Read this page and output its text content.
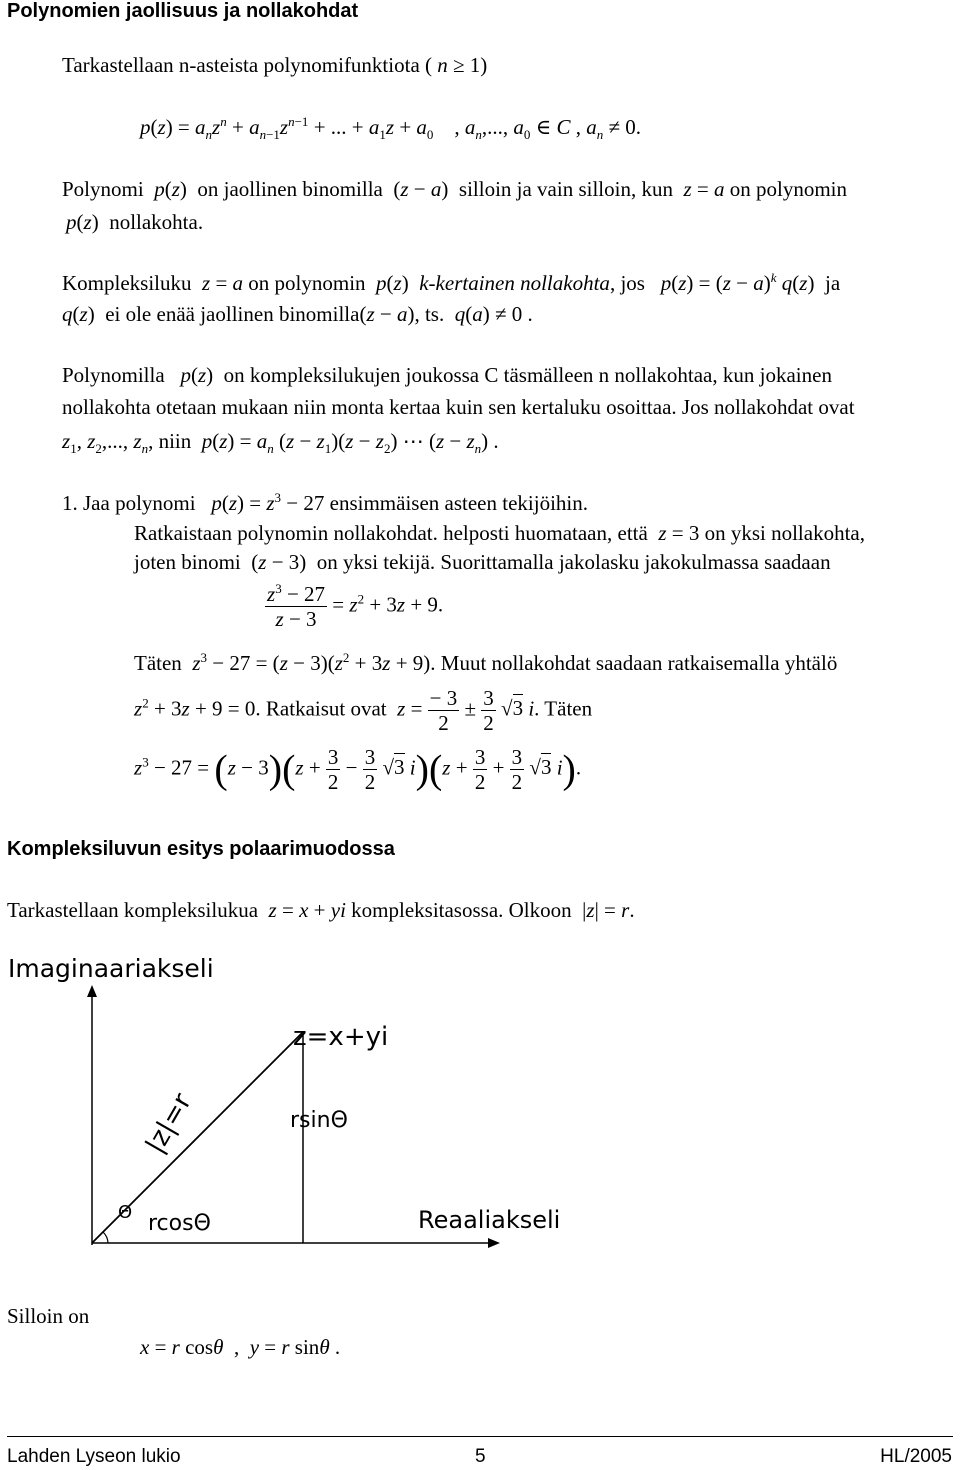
Polynomien jaollisuus ja nollakohdat
Tarkastellaan n-asteista polynomifunktiota ( n ≥ 1)
$p(z) = a_nz^n + a_{n-1}z^{n-1}$ + ... + $a_1z + a_0$    , $a_n$,..., $a_0$ ∈ C , $a_n \ne 0$.
Polynomi p(z)  on jaollinen binomilla  (z − a)  silloin ja vain silloin, kun z = a on polynomin
p(z)  nollakohta.
Kompleksiluku z = a on polynomin p(z)  k-kertainen nollakohta, jos $p(z) = (z - a)^k$ q(z)  ja
q(z)  ei ole enää jaollinen binomilla(z − a), ts. q(a) ≠ 0 .
Polynomilla p(z)  on kompleksilukujen joukossa C täsmälleen n nollakohtaa, kun jokainen
nollakohta otetaan mukaan niin monta kertaa kuin sen kertaluku osoittaa. Jos nollakohdat ovat
$z_1$, $z_2$,..., $z_n$, niin $p(z) = a_n$ $(z - z_1)(z - z_2)$ ⋯ $(z - z_n)$ .
1. Jaa polynomi $p(z) = z^3 - 27$ ensimmäisen asteen tekijöihin.
Ratkaistaan polynomin nollakohdat. helposti huomataan, että z = 3 on yksi nollakohta,
joten binomi  (z − 3)  on yksi tekijä. Suorittamalla jakolasku jakokulmassa saadaan
$\frac{z^3 - 27}{z - 3} = z^2 + 3z + 9$.
Täten $z^3 - 27 = (z - 3)(z^2 + 3z + 9)$. Muut nollakohdat saadaan ratkaisemalla yhtälö
$z^2 + 3z + 9 = 0$. Ratkaisut ovat $z = \frac{- 3}{2} \pm \frac{3}{2} √3$ i. Täten
$z^3 - 27 = (z - 3)(z + \frac{3}{2} - \frac{3}{2} √3$ $i)(z + \frac{3}{2} + \frac{3}{2} √3$ i).
Kompleksiluvun esitys polaarimuodossa
Tarkastellaan kompleksilukua z = x + yi kompleksitasossa. Olkoon  |z| = r.
Imaginaariakseli
Reaaliakseli
z=x+yi
rsinΘ
rcosΘ
Θ
|z|=r
Silloin on
x = r cosθ  ,  y = r sinθ .
Lahden Lyseon lukio	5	HL/2005
